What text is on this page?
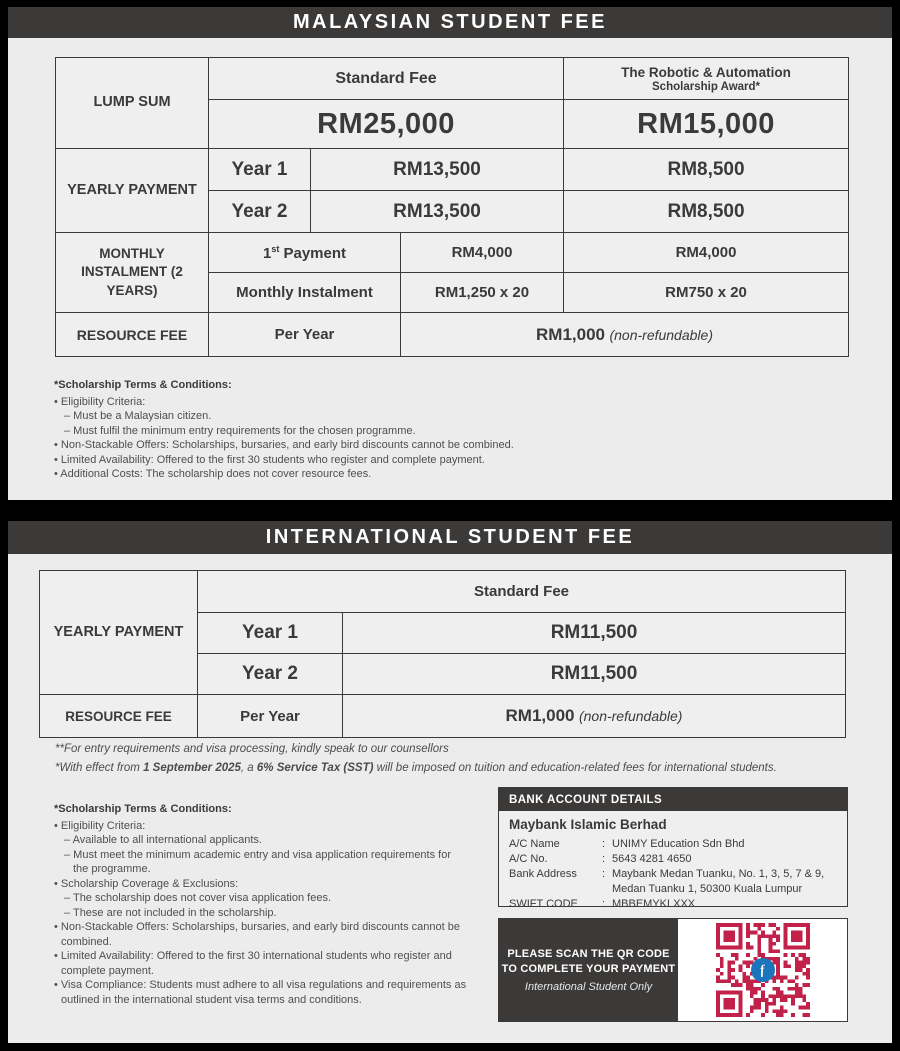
MALAYSIAN STUDENT FEE
LUMP SUM	Standard Fee			The Robotic & Automation
Scholarship Award*

	RM25,000			RM15,000
YEARLY PAYMENT	Year 1	RM13,500		RM8,500
	Year 2	RM13,500		RM8,500
MONTHLY INSTALMENT (2 YEARS)	1st Payment		RM4,000	RM4,000
	Monthly Instalment		RM1,250 x 20	RM750 x 20
RESOURCE FEE	Per Year		RM1,000 (non-refundable)	
*Scholarship Terms & Conditions:
• Eligibility Criteria:
– Must be a Malaysian citizen.
– Must fulfil the minimum entry requirements for the chosen programme.
• Non-Stackable Offers: Scholarships, bursaries, and early bird discounts cannot be combined.
• Limited Availability: Offered to the first 30 students who register and complete payment.
• Additional Costs: The scholarship does not cover resource fees.
INTERNATIONAL STUDENT FEE
YEARLY PAYMENT	Standard Fee	
	Year 1	RM11,500
	Year 2	RM11,500
RESOURCE FEE	Per Year	RM1,000 (non-refundable)
**For entry requirements and visa processing, kindly speak to our counsellors
*With effect from 1 September 2025, a 6% Service Tax (SST) will be imposed on tuition and education-related fees for international students.
*Scholarship Terms & Conditions:
• Eligibility Criteria:
– Available to all international applicants.
– Must meet the minimum academic entry and visa application requirements for the programme.
• Scholarship Coverage & Exclusions:
– The scholarship does not cover visa application fees.
– These are not included in the scholarship.
• Non-Stackable Offers: Scholarships, bursaries, and early bird discounts cannot be combined.
• Limited Availability: Offered to the first 30 international students who register and complete payment.
• Visa Compliance: Students must adhere to all visa regulations and requirements as outlined in the international student visa terms and conditions.
BANK ACCOUNT DETAILS
Maybank Islamic Berhad
A/C Name	: UNIMY Education Sdn Bhd
A/C No.	: 5643 4281 4650
Bank Address	: Maybank Medan Tuanku, No. 1, 3, 5, 7 & 9, Medan Tuanku 1, 50300 Kuala Lumpur
SWIFT CODE	: MBBEMYKLXXX
PLEASE SCAN THE QR CODE
TO COMPLETE YOUR PAYMENT
International Student Only
f
